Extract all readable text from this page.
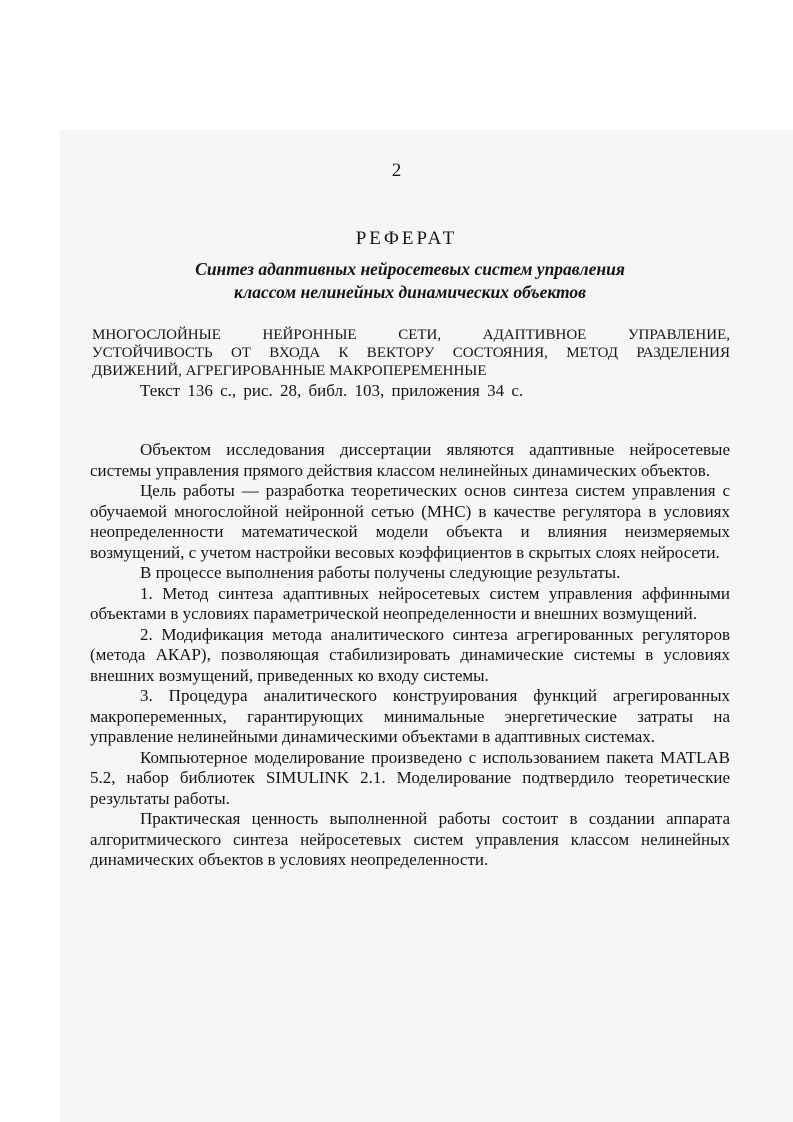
2
РЕФЕРАТ
Синтез адаптивных нейросетевых систем управления
классом нелинейных динамических объектов
МНОГОСЛОЙНЫЕ НЕЙРОННЫЕ СЕТИ, АДАПТИВНОЕ УПРАВЛЕНИЕ,
УСТОЙЧИВОСТЬ ОТ ВХОДА К ВЕКТОРУ СОСТОЯНИЯ, МЕТОД РАЗДЕЛЕНИЯ
ДВИЖЕНИЙ, АГРЕГИРОВАННЫЕ МАКРОПЕРЕМЕННЫЕ
Текст 136 с., рис. 28, библ. 103, приложения 34 с.

Объектом исследования диссертации являются адаптивные нейросетевые системы управления прямого действия классом нелинейных динамических объектов.

Цель работы — разработка теоретических основ синтеза систем управления с обучаемой многослойной нейронной сетью (МНС) в качестве регулятора в условиях неопределенности математической модели объекта и влияния неизмеряемых возмущений, с учетом настройки весовых коэффициентов в скрытых слоях нейросети.

В процессе выполнения работы получены следующие результаты.

1. Метод синтеза адаптивных нейросетевых систем управления аффинными объектами в условиях параметрической неопределенности и внешних возмущений.

2. Модификация метода аналитического синтеза агрегированных регуляторов (метода АКАР), позволяющая стабилизировать динамические системы в условиях внешних возмущений, приведенных ко входу системы.

3. Процедура аналитического конструирования функций агрегированных макропеременных, гарантирующих минимальные энергетические затраты на управление нелинейными динамическими объектами в адаптивных системах.

Компьютерное моделирование произведено с использованием пакета MATLAB 5.2, набор библиотек SIMULINK 2.1. Моделирование подтвердило теоретические результаты работы.

Практическая ценность выполненной работы состоит в создании аппарата алгоритмического синтеза нейросетевых систем управления классом нелинейных динамических объектов в условиях неопределенности.
